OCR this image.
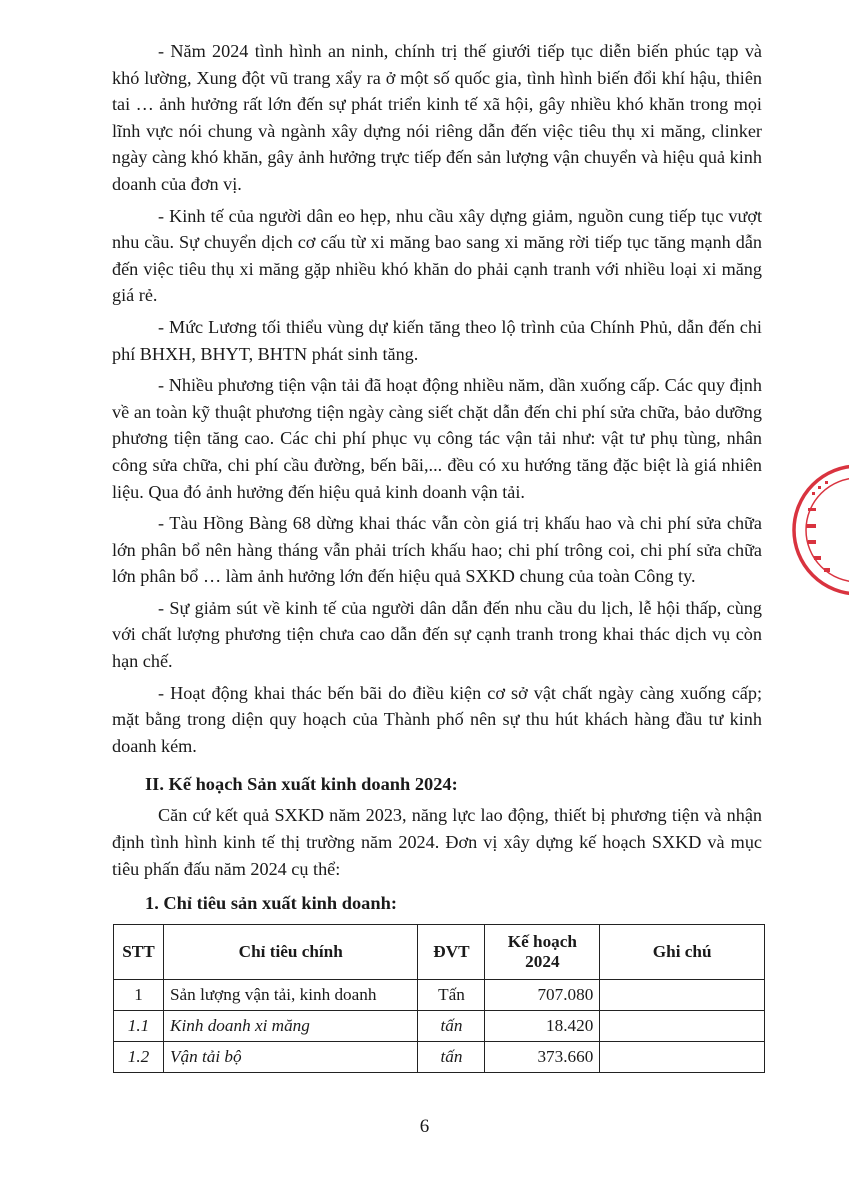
- Năm 2024 tình hình an ninh, chính trị thế giưới tiếp tục diễn biến phúc tạp và khó lường, Xung đột vũ trang xẩy ra ở một số quốc gia, tình hình biến đổi khí hậu, thiên tai … ảnh hưởng rất lớn đến sự phát triển kinh tế xã hội, gây nhiều khó khăn trong mọi lĩnh vực nói chung và ngành xây dựng nói riêng dẫn đến việc tiêu thụ xi măng, clinker ngày càng khó khăn, gây ảnh hưởng trực tiếp đến sản lượng vận chuyển và hiệu quả kinh doanh của đơn vị.

- Kinh tế của người dân eo hẹp, nhu cầu xây dựng giảm, nguồn cung tiếp tục vượt nhu cầu. Sự chuyển dịch cơ cấu từ xi măng bao sang xi măng rời tiếp tục tăng mạnh dẫn đến việc tiêu thụ xi măng gặp nhiều khó khăn do phải cạnh tranh với nhiều loại xi măng giá rẻ.

- Mức Lương tối thiểu vùng dự kiến tăng theo lộ trình của Chính Phủ, dẫn đến chi phí BHXH, BHYT, BHTN phát sinh tăng.

- Nhiều phương tiện vận tải đã hoạt động nhiều năm, dần xuống cấp. Các quy định về an toàn kỹ thuật phương tiện ngày càng siết chặt dẫn đến chi phí sửa chữa, bảo dưỡng phương tiện tăng cao. Các chi phí phục vụ công tác vận tải như: vật tư phụ tùng, nhân công sửa chữa, chi phí cầu đường, bến bãi,... đều có xu hướng tăng đặc biệt là giá nhiên liệu. Qua đó ảnh hưởng đến hiệu quả kinh doanh vận tải.

- Tàu Hồng Bàng 68 dừng khai thác vẫn còn giá trị khấu hao và chi phí sửa chữa lớn phân bổ nên hàng tháng vẫn phải trích khấu hao; chi phí trông coi, chi phí sửa chữa lớn phân bổ … làm ảnh hưởng lớn đến hiệu quả SXKD chung của toàn Công ty.

- Sự giảm sút về kinh tế của người dân dẫn đến nhu cầu du lịch, lễ hội thấp, cùng với chất lượng phương tiện chưa cao dẫn đến sự cạnh tranh trong khai thác dịch vụ còn hạn chế.

- Hoạt động khai thác bến bãi do điều kiện cơ sở vật chất ngày càng xuống cấp; mặt bằng trong diện quy hoạch của Thành phố nên sự thu hút khách hàng đầu tư kinh doanh kém.

II. Kế hoạch Sản xuất kinh doanh 2024:

Căn cứ kết quả SXKD năm 2023, năng lực lao động, thiết bị phương tiện và nhận định tình hình kinh tế thị trường năm 2024. Đơn vị xây dựng kế hoạch SXKD và mục tiêu phấn đấu năm 2024 cụ thể:

1. Chỉ tiêu sản xuất kinh doanh:

STT	Chỉ tiêu chính	ĐVT	Kế hoạch 2024	Ghi chú
1	Sản lượng vận tải, kinh doanh	Tấn	707.080	
1.1	Kinh doanh xi măng	tấn	18.420	
1.2	Vận tải bộ	tấn	373.660	
6
